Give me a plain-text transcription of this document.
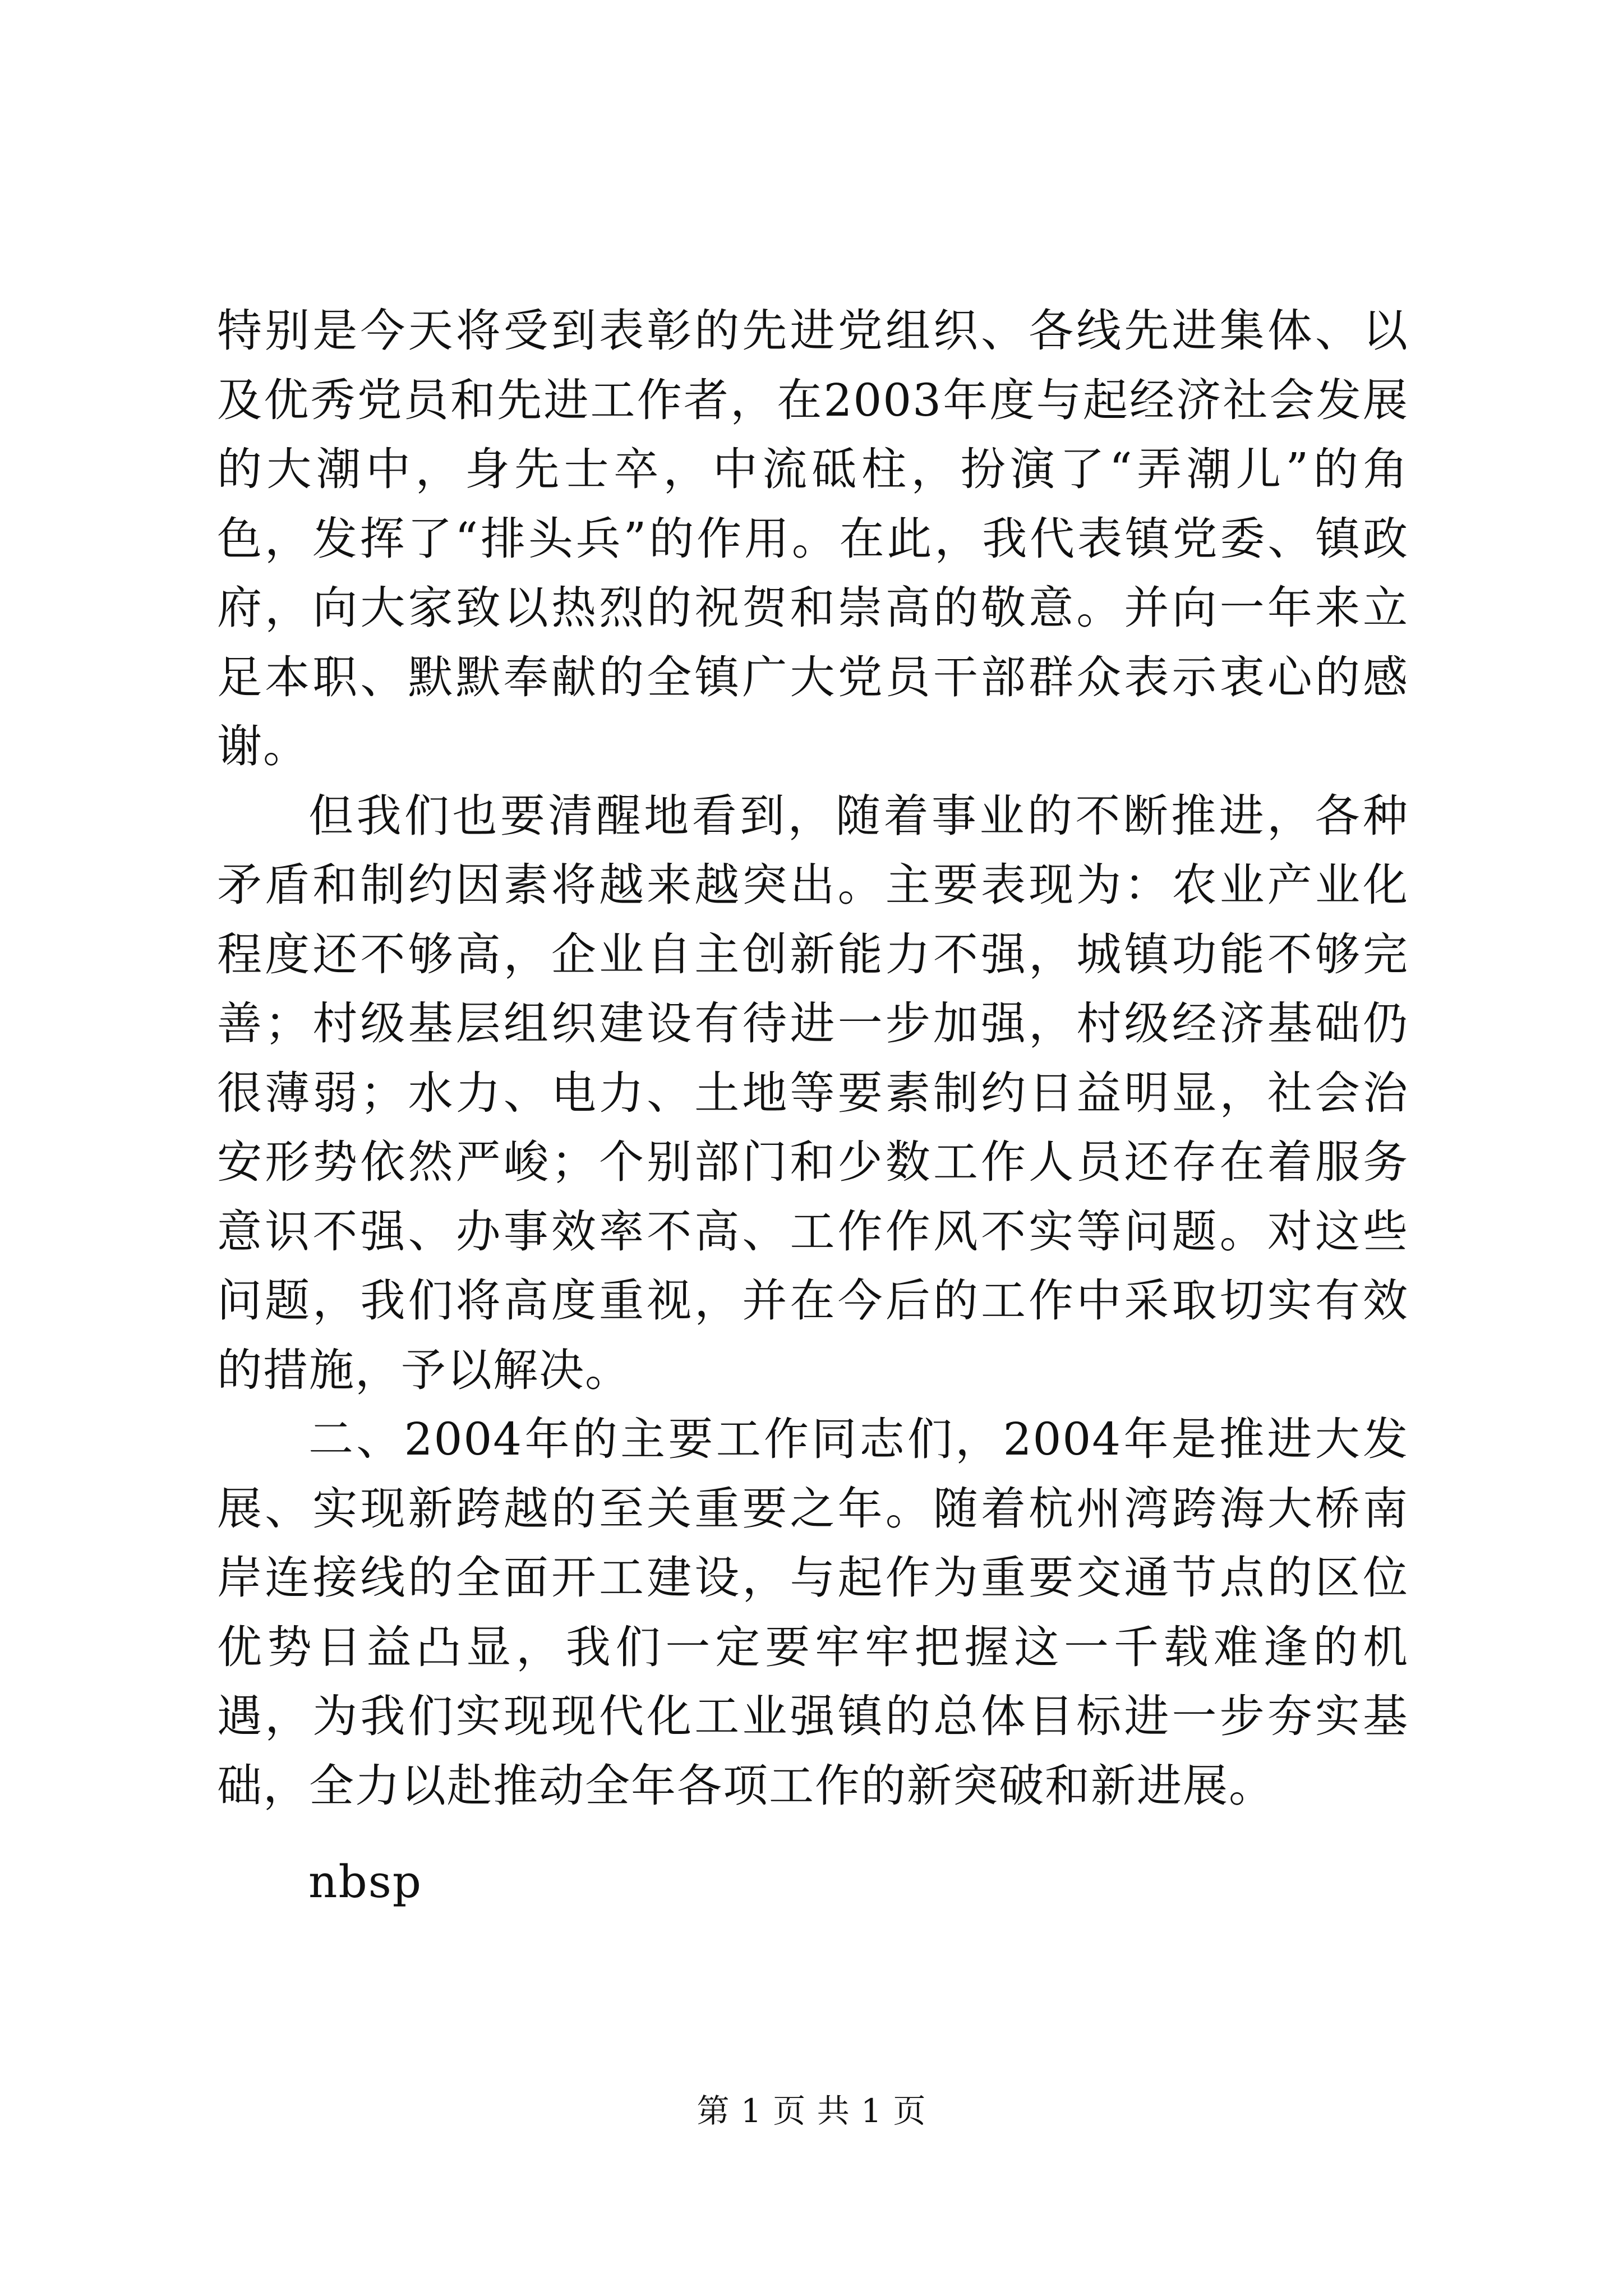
特别是今天将受到表彰的先进党组织、各线先进集体、以及优秀党员和先进工作者，在2003年度与起经济社会发展的大潮中，身先士卒，中流砥柱，扮演了“弄潮儿”的角色，发挥了“排头兵”的作用。在此，我代表镇党委、镇政府，向大家致以热烈的祝贺和崇高的敬意。并向一年来立足本职、默默奉献的全镇广大党员干部群众表示衷心的感谢。

但我们也要清醒地看到，随着事业的不断推进，各种矛盾和制约因素将越来越突出。主要表现为：农业产业化程度还不够高，企业自主创新能力不强，城镇功能不够完善；村级基层组织建设有待进一步加强，村级经济基础仍很薄弱；水力、电力、土地等要素制约日益明显，社会治安形势依然严峻；个别部门和少数工作人员还存在着服务意识不强、办事效率不高、工作作风不实等问题。对这些问题，我们将高度重视，并在今后的工作中采取切实有效的措施，予以解决。

二、2004年的主要工作同志们，2004年是推进大发展、实现新跨越的至关重要之年。随着杭州湾跨海大桥南岸连接线的全面开工建设，与起作为重要交通节点的区位优势日益凸显，我们一定要牢牢把握这一千载难逢的机遇，为我们实现现代化工业强镇的总体目标进一步夯实基础，全力以赴推动全年各项工作的新突破和新进展。

nbsp

第 1 页 共 1 页
